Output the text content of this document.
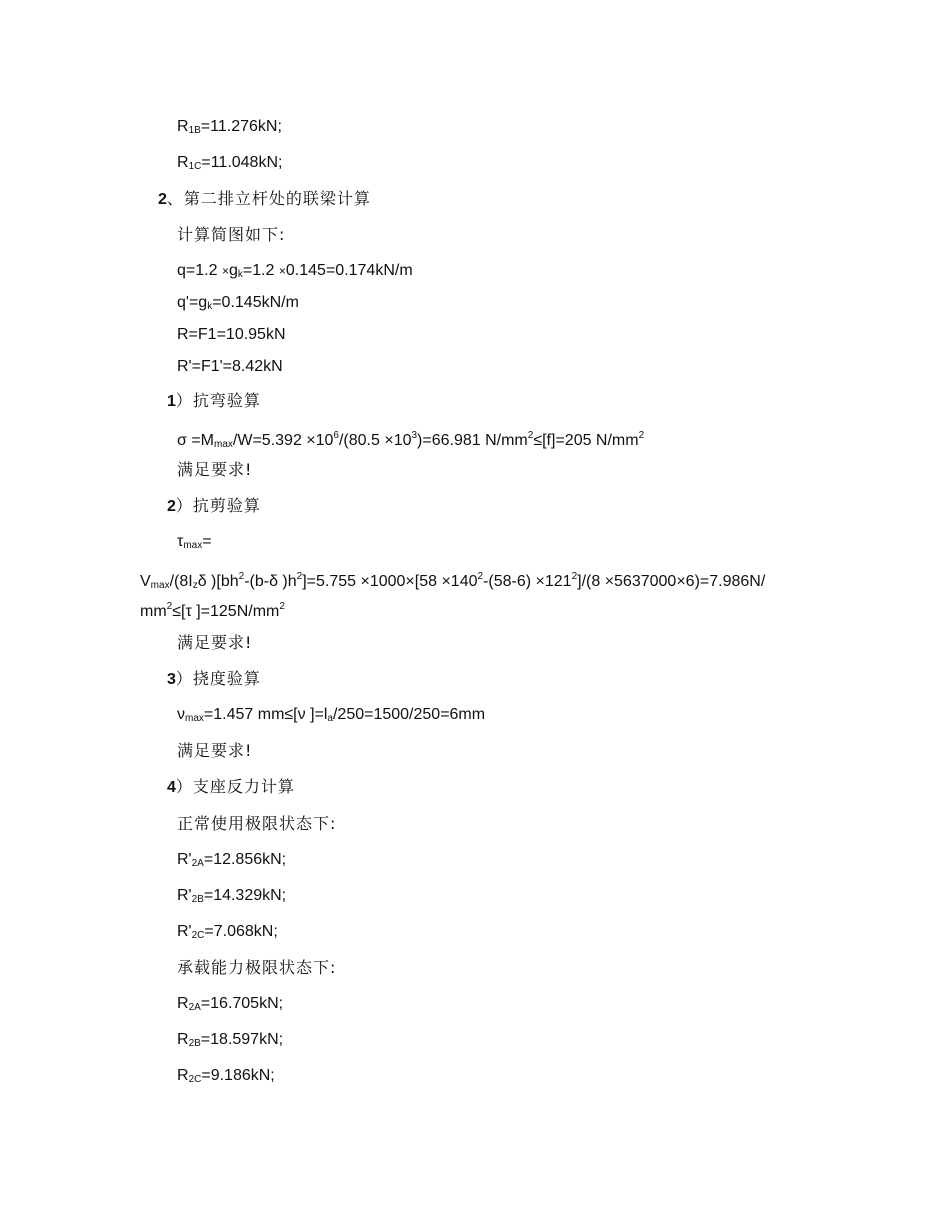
$R_{1B}=11.276kN$;
$R_{1C}=11.048kN$;
2、第二排立杆处的联梁计算
计算简图如下:
$q=1.2 \times g_k=1.2 \times 0.145=0.174kN/m$
$q'=g_k=0.145kN/m$
R=F1=10.95kN
R'=F1'=8.42kN
1）抗弯验算
$\sigma =M_{max}/W=5.392 \times 10^6/(80.5 \times 10^3)=66.981$ $N/mm^2\le[f]=205$ $N/mm^2$
满足要求!
2）抗剪验算
$\tau_{max}=$
$V_{max}/(8I_z\delta$ )[$bh^2-(b-\delta$ )$h^2]=5.755 \times 1000\times[58 \times 140^2-(58-6) \times 121^2]/(8 \times 5637000\times 6)=7.986N/$
$mm^2\le[\tau$ ]$=125N/mm^2$
满足要求!
3）挠度验算
$\nu_{max}=1.457$ mm≤[ν ]$=l_a/250=1500/250=6mm$
满足要求!
4）支座反力计算
正常使用极限状态下:
$R'_{2A}=12.856kN$;
$R'_{2B}=14.329kN$;
$R'_{2C}=7.068kN$;
承载能力极限状态下:
$R_{2A}=16.705kN$;
$R_{2B}=18.597kN$;
$R_{2C}=9.186kN$;
